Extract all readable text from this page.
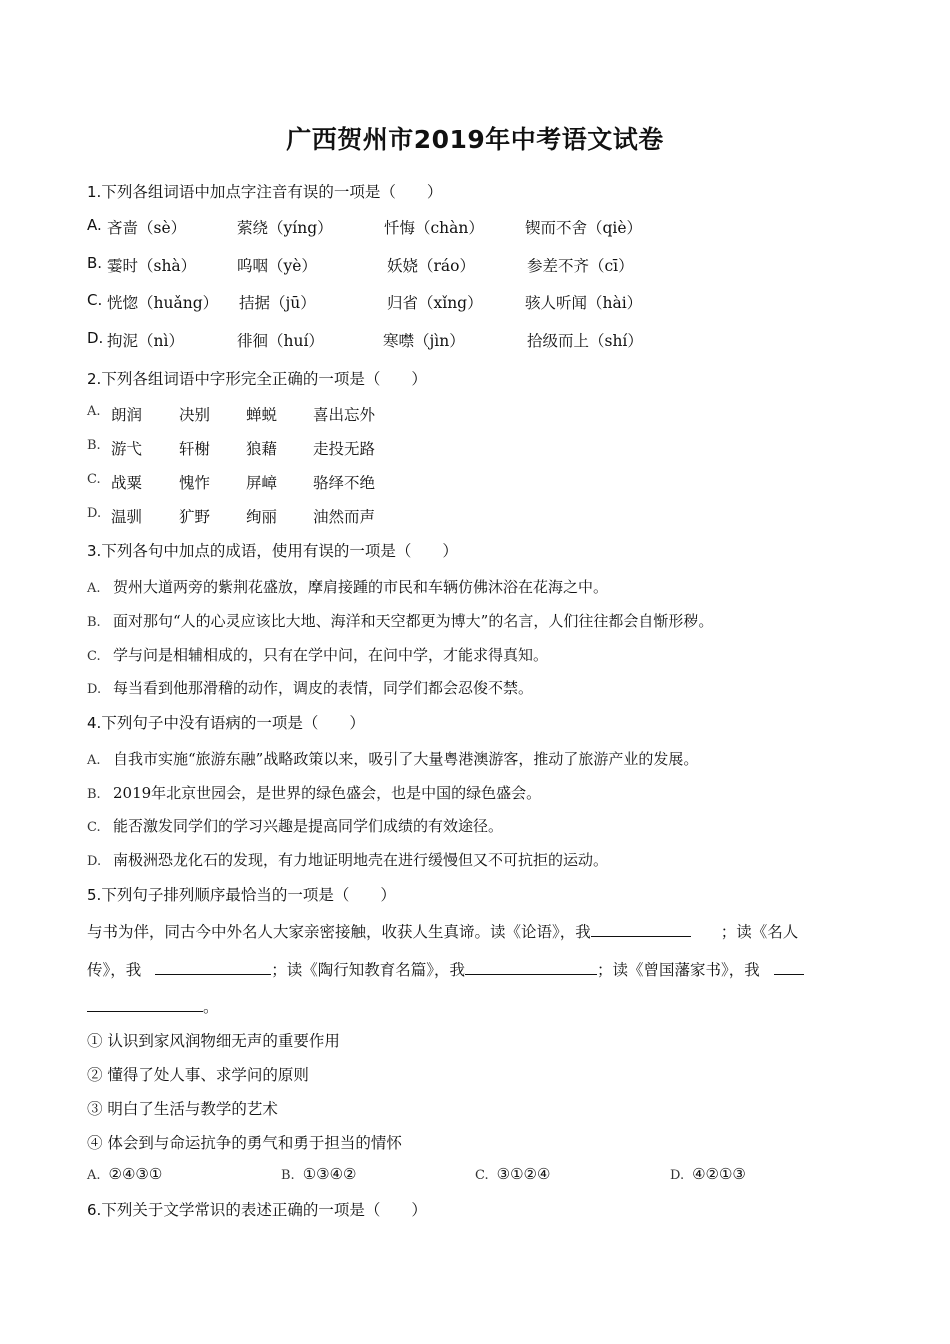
广西贺州市2019年中考语文试卷
1.下列各组词语中加点字注音有误的一项是（　　）
A. 吝啬（sè）	萦绕（yíng）	忏悔（chàn）	锲而不舍（qiè）
B. 霎时（shà）	呜咽（yè）	妖娆（ráo）	参差不齐（cī）
C. 恍惚（huǎng） 拮据（jū）	归省（xǐng）	骇人听闻（hài）
D. 拘泥（nì）	徘徊（huí）	寒噤（jìn）	拾级而上（shí）
2.下列各组词语中字形完全正确的一项是（　　）
A. 朗润 决别 蝉蜕 喜出忘外
B. 游弋 轩榭 狼藉 走投无路
C. 战粟 愧怍 屏嶂 骆绎不绝
D. 温驯 犷野 绚丽 油然而声
3.下列各句中加点的成语，使用有误的一项是（　　）
A. 贺州大道两旁的紫荆花盛放，摩肩接踵的市民和车辆仿佛沐浴在花海之中。
B. 面对那句“人的心灵应该比大地、海洋和天空都更为博大”的名言，人们往往都会自惭形秽。
C. 学与问是相辅相成的，只有在学中问，在问中学，才能求得真知。
D. 每当看到他那滑稽的动作，调皮的表情，同学们都会忍俊不禁。
4.下列句子中没有语病的一项是（　　）
A. 自我市实施“旅游东融”战略政策以来，吸引了大量粤港澳游客，推动了旅游产业的发展。
B. 2019年北京世园会，是世界的绿色盛会，也是中国的绿色盛会。
C. 能否激发同学们的学习兴趣是提高同学们成绩的有效途径。
D. 南极洲恐龙化石的发现，有力地证明地壳在进行缓慢但又不可抗拒的运动。
5.下列句子排列顺序最恰当的一项是（　　）
与书为伴，同古今中外名人大家亲密接触，收获人生真谛。读《论语》，我	；读《名人
传》，我	；读《陶行知教育名篇》，我	；读《曾国藩家书》，我
。
① 认识到家风润物细无声的重要作用
② 懂得了处人事、求学问的原则
③ 明白了生活与教学的艺术
④ 体会到与命运抗争的勇气和勇于担当的情怀
A. ②④③①	B. ①③④②	C. ③①②④	D. ④②①③
6.下列关于文学常识的表述正确的一项是（　　）
